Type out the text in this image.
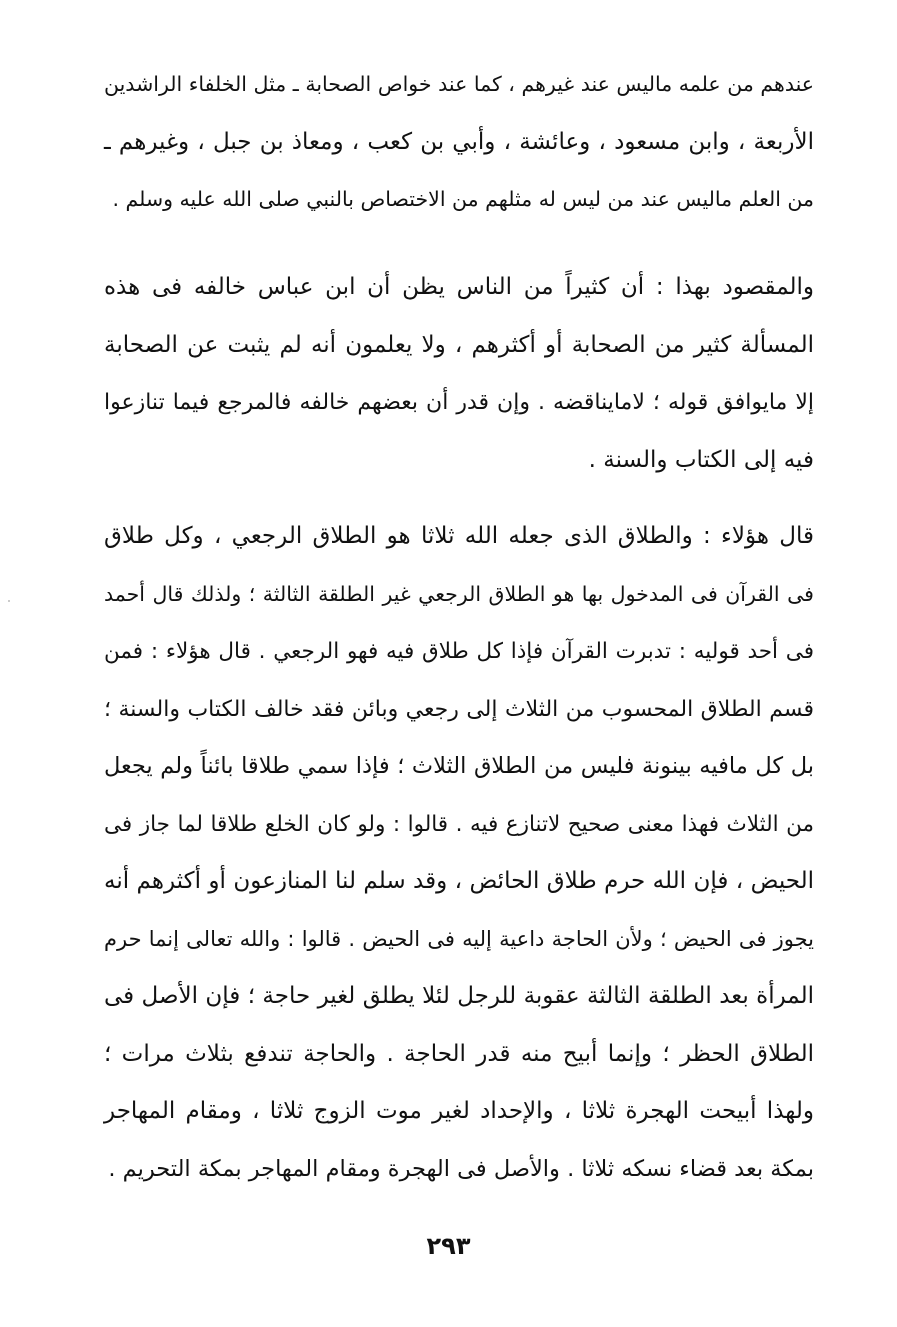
عندهم من علمه ماليس عند غيرهم ، كما عند خواص الصحابة ـ مثل الخلفاء الراشدين
الأربعة ، وابن مسعود ، وعائشة ، وأبي بن كعب ، ومعاذ بن جبل ، وغيرهم ـ
من العلم ماليس عند من ليس له مثلهم من الاختصاص بالنبي صلى الله عليه وسلم .
والمقصود بهذا : أن كثيراً من الناس يظن أن ابن عباس خالفه فى هذه
المسألة كثير من الصحابة أو أكثرهم ، ولا يعلمون أنه لم يثبت عن الصحابة
إلا مايوافق قوله ؛ لامايناقضه . وإن قدر أن بعضهم خالفه فالمرجع فيما تنازعوا
فيه إلى الكتاب والسنة .
قال هؤلاء : والطلاق الذى جعله الله ثلاثا هو الطلاق الرجعي ، وكل طلاق
فى القرآن فى المدخول بها هو الطلاق الرجعي غير الطلقة الثالثة ؛ ولذلك قال أحمد
فى أحد قوليه : تدبرت القرآن فإذا كل طلاق فيه فهو الرجعي . قال هؤلاء : فمن
قسم الطلاق المحسوب من الثلاث إلى رجعي وبائن فقد خالف الكتاب والسنة ؛
بل كل مافيه بينونة فليس من الطلاق الثلاث ؛ فإذا سمي طلاقا بائناً ولم يجعل
من الثلاث فهذا معنى صحيح لاتنازع فيه . قالوا : ولو كان الخلع طلاقا لما جاز فى
الحيض ، فإن الله حرم طلاق الحائض ، وقد سلم لنا المنازعون أو أكثرهم أنه
يجوز فى الحيض ؛ ولأن الحاجة داعية إليه فى الحيض . قالوا : والله تعالى إنما حرم
المرأة بعد الطلقة الثالثة عقوبة للرجل لئلا يطلق لغير حاجة ؛ فإن الأصل فى
الطلاق الحظر ؛ وإنما أبيح منه قدر الحاجة . والحاجة تندفع بثلاث مرات ؛
ولهذا أبيحت الهجرة ثلاثا ، والإحداد لغير موت الزوج ثلاثا ، ومقام المهاجر
بمكة بعد قضاء نسكه ثلاثا . والأصل فى الهجرة ومقام المهاجر بمكة التحريم .
٢٩٣
